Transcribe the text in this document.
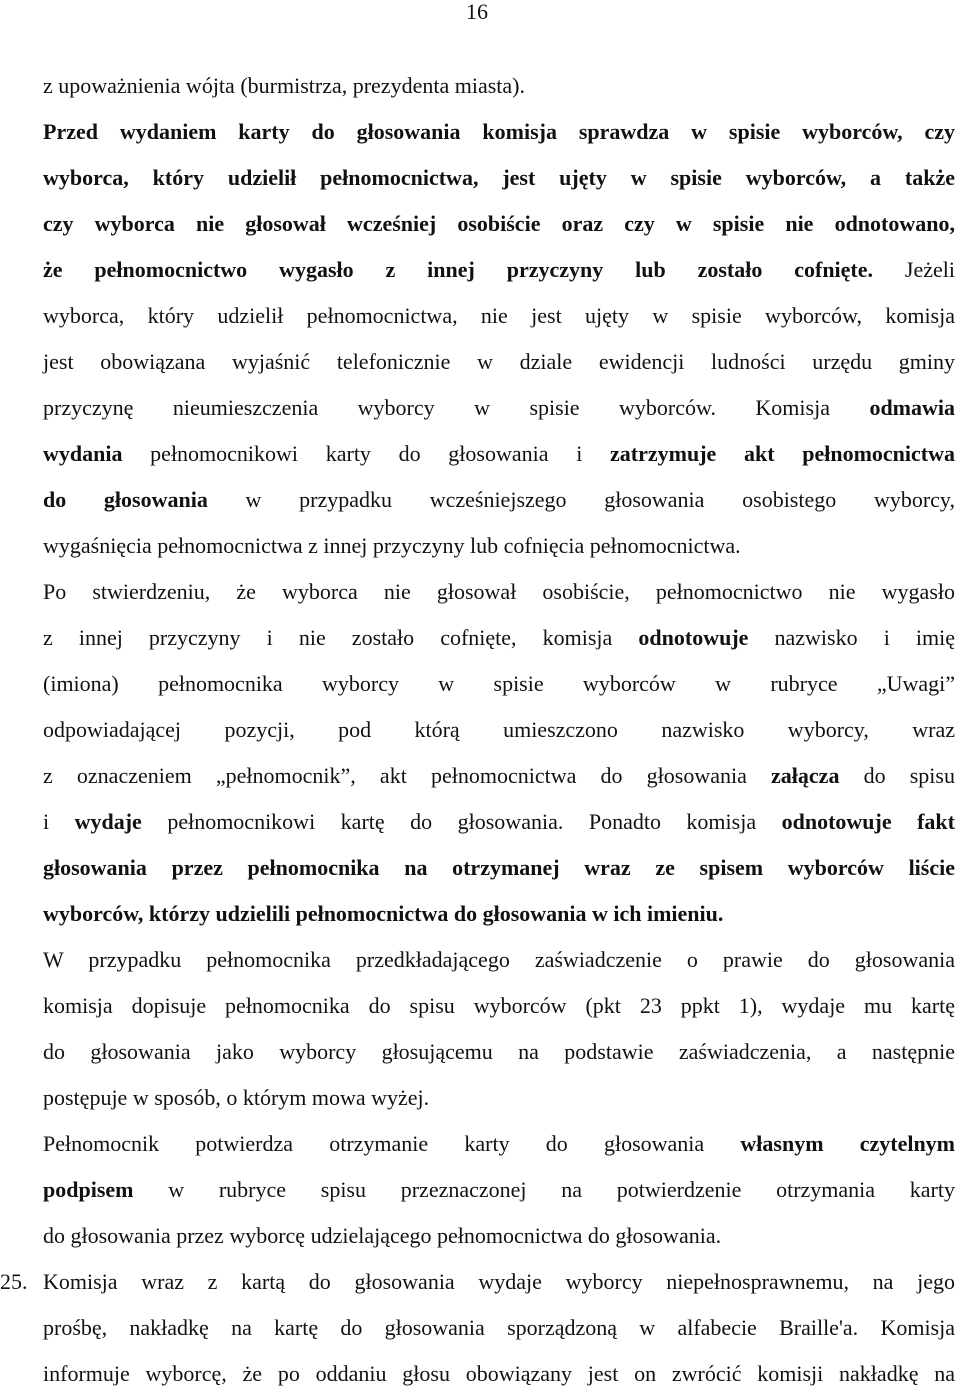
16
z upoważnienia wójta (burmistrza, prezydenta miasta).
Przed wydaniem karty do głosowania komisja sprawdza w spisie wyborców, czy
wyborca, który udzielił pełnomocnictwa, jest ujęty w spisie wyborców, a także
czy wyborca nie głosował wcześniej osobiście oraz czy w spisie nie odnotowano,
że pełnomocnictwo wygasło z innej przyczyny lub zostało cofnięte. Jeżeli
wyborca, który udzielił pełnomocnictwa, nie jest ujęty w spisie wyborców, komisja
jest obowiązana wyjaśnić telefonicznie w dziale ewidencji ludności urzędu gminy
przyczynę nieumieszczenia wyborcy w spisie wyborców. Komisja odmawia
wydania pełnomocnikowi karty do głosowania i zatrzymuje akt pełnomocnictwa
do głosowania w przypadku wcześniejszego głosowania osobistego wyborcy,
wygaśnięcia pełnomocnictwa z innej przyczyny lub cofnięcia pełnomocnictwa.
Po stwierdzeniu, że wyborca nie głosował osobiście, pełnomocnictwo nie wygasło
z innej przyczyny i nie zostało cofnięte, komisja odnotowuje nazwisko i imię
(imiona) pełnomocnika wyborcy w spisie wyborców w rubryce „Uwagi”
odpowiadającej pozycji, pod którą umieszczono nazwisko wyborcy, wraz
z oznaczeniem „pełnomocnik”, akt pełnomocnictwa do głosowania załącza do spisu
i wydaje pełnomocnikowi kartę do głosowania. Ponadto komisja odnotowuje fakt
głosowania przez pełnomocnika na otrzymanej wraz ze spisem wyborców liście
wyborców, którzy udzielili pełnomocnictwa do głosowania w ich imieniu.
W przypadku pełnomocnika przedkładającego zaświadczenie o prawie do głosowania
komisja dopisuje pełnomocnika do spisu wyborców (pkt 23 ppkt 1), wydaje mu kartę
do głosowania jako wyborcy głosującemu na podstawie zaświadczenia, a następnie
postępuje w sposób, o którym mowa wyżej.
Pełnomocnik potwierdza otrzymanie karty do głosowania własnym czytelnym
podpisem w rubryce spisu przeznaczonej na potwierdzenie otrzymania karty
do głosowania przez wyborcę udzielającego pełnomocnictwa do głosowania.
25. Komisja wraz z kartą do głosowania wydaje wyborcy niepełnosprawnemu, na jego
prośbę, nakładkę na kartę do głosowania sporządzoną w alfabecie Braille'a. Komisja
informuje wyborcę, że po oddaniu głosu obowiązany jest on zwrócić komisji nakładkę na
